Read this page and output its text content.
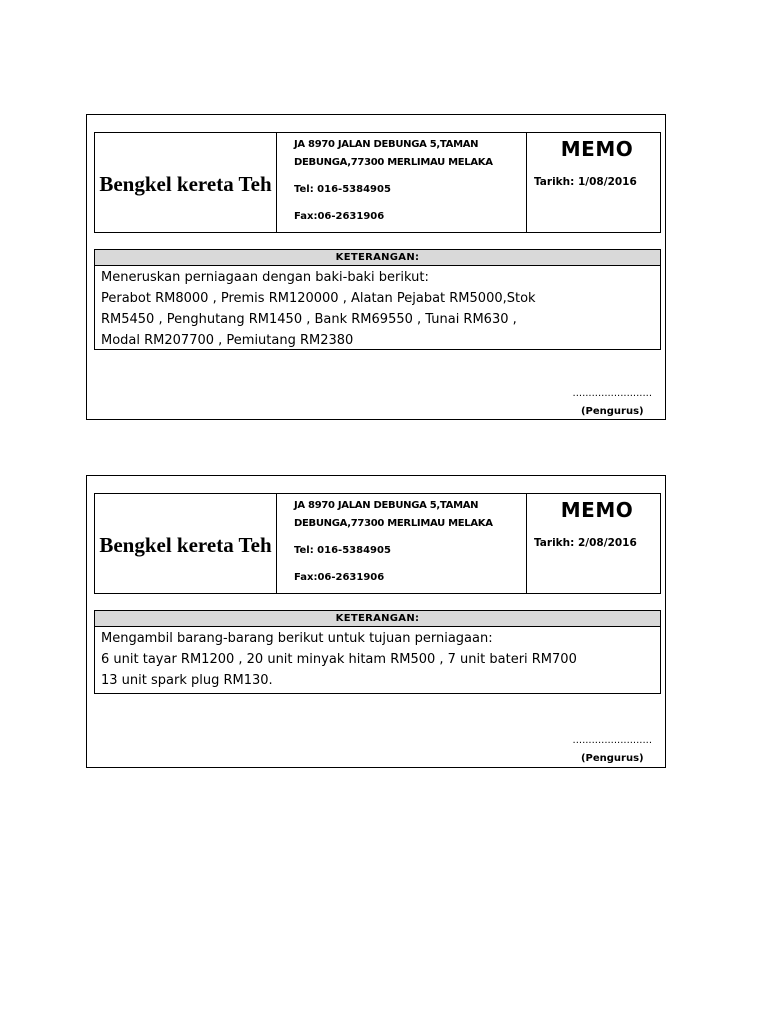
Bengkel kereta Teh
JA 8970 JALAN DEBUNGA 5,TAMAN DEBUNGA,77300 MERLIMAU MELAKA
Tel: 016-5384905
Fax:06-2631906
MEMO
Tarikh: 1/08/2016
KETERANGAN:
Meneruskan perniagaan dengan baki-baki berikut:
Perabot RM8000 , Premis RM120000 , Alatan Pejabat RM5000,Stok
RM5450 , Penghutang RM1450 , Bank RM69550 , Tunai RM630 ,
Modal RM207700 , Pemiutang RM2380
.........................
(Pengurus)
Bengkel kereta Teh
JA 8970 JALAN DEBUNGA 5,TAMAN DEBUNGA,77300 MERLIMAU MELAKA
Tel: 016-5384905
Fax:06-2631906
MEMO
Tarikh: 2/08/2016
KETERANGAN:
Mengambil barang-barang berikut untuk tujuan perniagaan:
6 unit tayar RM1200 , 20 unit minyak hitam RM500 , 7 unit bateri RM700
13 unit spark plug RM130.
.........................
(Pengurus)
